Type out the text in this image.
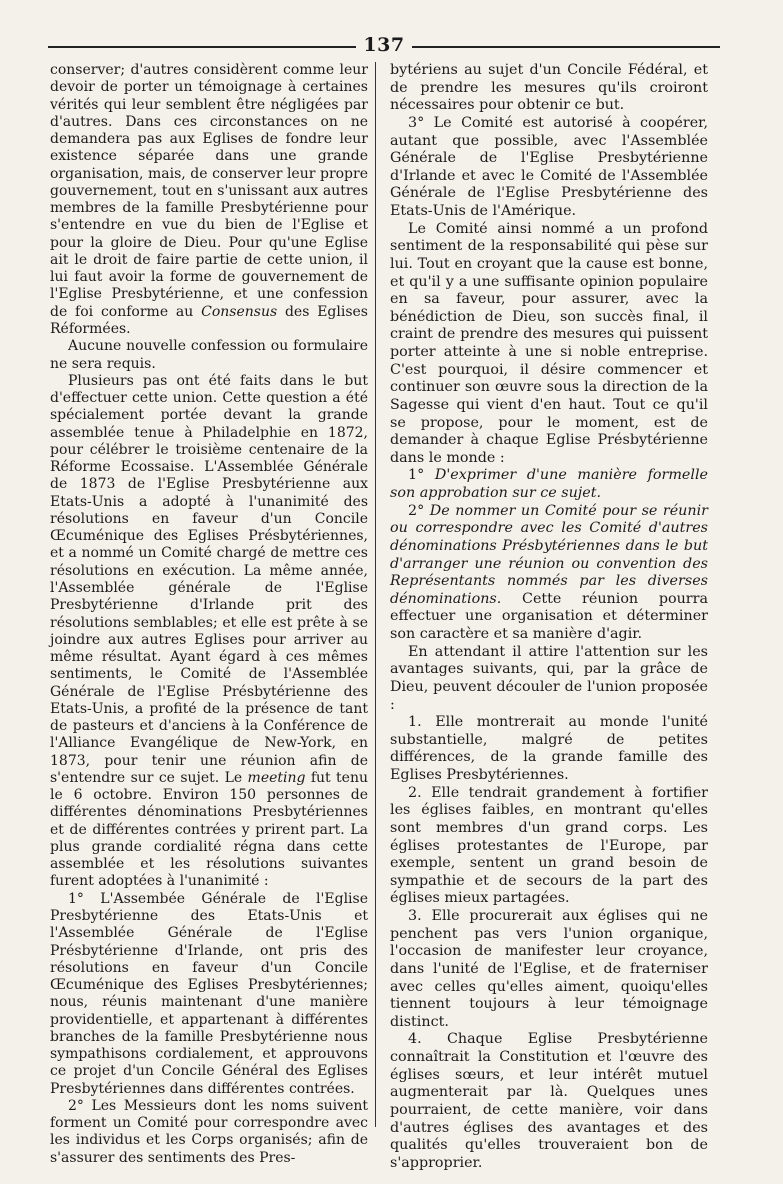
137

conserver; d'autres considèrent comme leur devoir de porter un témoignage à certaines vérités qui leur semblent être négligées par d'autres. Dans ces circonstances on ne demandera pas aux Eglises de fondre leur existence séparée dans une grande organisation, mais, de conserver leur propre gouvernement, tout en s'unissant aux autres membres de la famille Presbytérienne pour s'entendre en vue du bien de l'Eglise et pour la gloire de Dieu. Pour qu'une Eglise ait le droit de faire partie de cette union, il lui faut avoir la forme de gouvernement de l'Eglise Presbytérienne, et une confession de foi conforme au Consensus des Eglises Réformées.

Aucune nouvelle confession ou formulaire ne sera requis.

Plusieurs pas ont été faits dans le but d'effectuer cette union. Cette question a été spécialement portée devant la grande assemblée tenue à Philadelphie en 1872, pour célébrer le troisième centenaire de la Réforme Ecossaise. L'Assemblée Générale de 1873 de l'Eglise Presbytérienne aux Etats-Unis a adopté à l'unanimité des résolutions en faveur d'un Concile Œcuménique des Eglises Présbytériennes, et a nommé un Comité chargé de mettre ces résolutions en exécution. La même année, l'Assemblée générale de l'Eglise Presbytérienne d'Irlande prit des résolutions semblables; et elle est prête à se joindre aux autres Eglises pour arriver au même résultat. Ayant égard à ces mêmes sentiments, le Comité de l'Assemblée Générale de l'Eglise Présbytérienne des Etats-Unis, a profité de la présence de tant de pasteurs et d'anciens à la Conférence de l'Alliance Evangélique de New-York, en 1873, pour tenir une réunion afin de s'entendre sur ce sujet. Le meeting fut tenu le 6 octobre. Environ 150 personnes de différentes dénominations Presbytériennes et de différentes contrées y prirent part. La plus grande cordialité régna dans cette assemblée et les résolutions suivantes furent adoptées à l'unanimité :

1° L'Assembée Générale de l'Eglise Presbytérienne des Etats-Unis et l'Assemblée Générale de l'Eglise Présbytérienne d'Irlande, ont pris des résolutions en faveur d'un Concile Œcuménique des Eglises Presbytériennes; nous, réunis maintenant d'une manière providentielle, et appartenant à différentes branches de la famille Presbytérienne nous sympathisons cordialement, et approuvons ce projet d'un Concile Général des Eglises Presbytériennes dans différentes contrées.

2° Les Messieurs dont les noms suivent forment un Comité pour correspondre avec les individus et les Corps organisés; afin de s'assurer des sentiments des Pres-

bytériens au sujet d'un Concile Fédéral, et de prendre les mesures qu'ils croiront nécessaires pour obtenir ce but.

3° Le Comité est autorisé à coopérer, autant que possible, avec l'Assemblée Générale de l'Eglise Presbytérienne d'Irlande et avec le Comité de l'Assemblée Générale de l'Eglise Presbytérienne des Etats-Unis de l'Amérique.

Le Comité ainsi nommé a un profond sentiment de la responsabilité qui pèse sur lui. Tout en croyant que la cause est bonne, et qu'il y a une suffisante opinion populaire en sa faveur, pour assurer, avec la bénédiction de Dieu, son succès final, il craint de prendre des mesures qui puissent porter atteinte à une si noble entreprise. C'est pourquoi, il désire commencer et continuer son œuvre sous la direction de la Sagesse qui vient d'en haut. Tout ce qu'il se propose, pour le moment, est de demander à chaque Eglise Présbytérienne dans le monde :

1° D'exprimer d'une manière formelle son approbation sur ce sujet.

2° De nommer un Comité pour se réunir ou correspondre avec les Comité d'autres dénominations Présbytériennes dans le but d'arranger une réunion ou convention des Représentants nommés par les diverses dénominations. Cette réunion pourra effectuer une organisation et déterminer son caractère et sa manière d'agir.

En attendant il attire l'attention sur les avantages suivants, qui, par la grâce de Dieu, peuvent découler de l'union proposée :

1. Elle montrerait au monde l'unité substantielle, malgré de petites différences, de la grande famille des Eglises Presbytériennes.

2. Elle tendrait grandement à fortifier les églises faibles, en montrant qu'elles sont membres d'un grand corps. Les églises protestantes de l'Europe, par exemple, sentent un grand besoin de sympathie et de secours de la part des églises mieux partagées.

3. Elle procurerait aux églises qui ne penchent pas vers l'union organique, l'occasion de manifester leur croyance, dans l'unité de l'Eglise, et de fraterniser avec celles qu'elles aiment, quoiqu'elles tiennent toujours à leur témoignage distinct.

4. Chaque Eglise Presbytérienne connaîtrait la Constitution et l'œuvre des églises sœurs, et leur intérêt mutuel augmenterait par là. Quelques unes pourraient, de cette manière, voir dans d'autres églises des avantages et des qualités qu'elles trouveraient bon de s'approprier.
